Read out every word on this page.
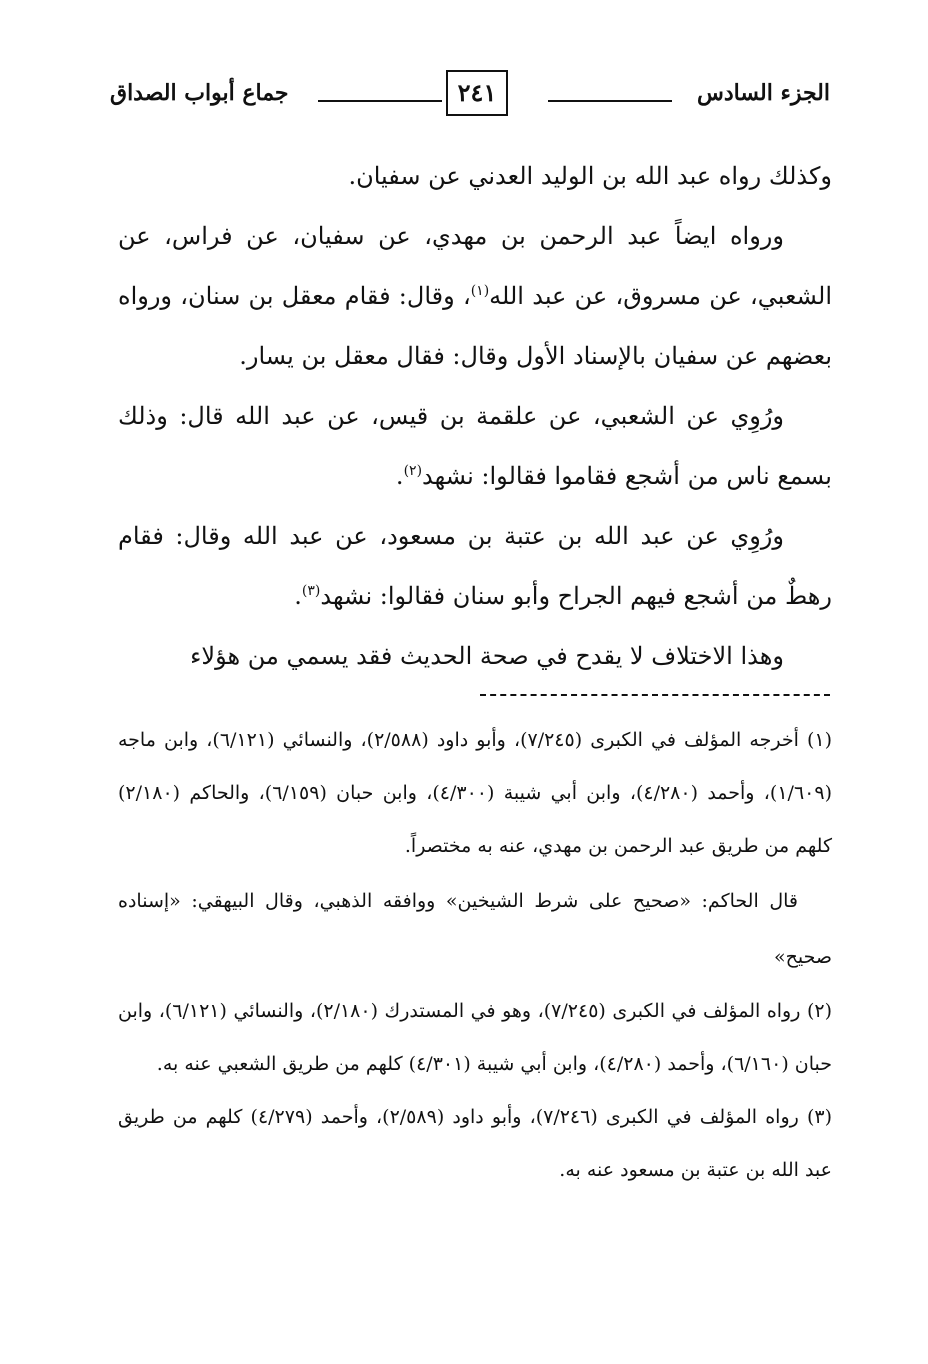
الجزء السادس
٢٤١
جماع أبواب الصداق

وكذلك رواه عبد الله بن الوليد العدني عن سفيان.

ورواه ايضاً عبد الرحمن بن مهدي، عن سفيان، عن فراس، عن الشعبي، عن مسروق، عن عبد الله$^{(١)}$، وقال: فقام معقل بن سنان، ورواه بعضهم عن سفيان بالإسناد الأول وقال: فقال معقل بن يسار.

ورُوِي عن الشعبي، عن علقمة بن قيس، عن عبد الله قال: وذلك بسمع ناس من أشجع فقاموا فقالوا: نشهد$^{(٢)}$.

ورُوِي عن عبد الله بن عتبة بن مسعود، عن عبد الله وقال: فقام رهطٌ من أشجع فيهم الجراح وأبو سنان فقالوا: نشهد$^{(٣)}$.

وهذا الاختلاف لا يقدح في صحة الحديث فقد يسمي من هؤلاء

(١) أخرجه المؤلف في الكبرى (٧/٢٤٥)، وأبو داود (٢/٥٨٨)، والنسائي (٦/١٢١)، وابن ماجه (١/٦٠٩)، وأحمد (٤/٢٨٠)، وابن أبي شيبة (٤/٣٠٠)، وابن حبان (٦/١٥٩)، والحاكم (٢/١٨٠) كلهم من طريق عبد الرحمن بن مهدي، عنه به مختصراً.

قال الحاكم: «صحيح على شرط الشيخين» ووافقه الذهبي، وقال البيهقي: «إسناده صحيح»

(٢) رواه المؤلف في الكبرى (٧/٢٤٥)، وهو في المستدرك (٢/١٨٠)، والنسائي (٦/١٢١)، وابن حبان (٦/١٦٠)، وأحمد (٤/٢٨٠)، وابن أبي شيبة (٤/٣٠١) كلهم من طريق الشعبي عنه به.

(٣) رواه المؤلف في الكبرى (٧/٢٤٦)، وأبو داود (٢/٥٨٩)، وأحمد (٤/٢٧٩) كلهم من طريق عبد الله بن عتبة بن مسعود عنه به.
